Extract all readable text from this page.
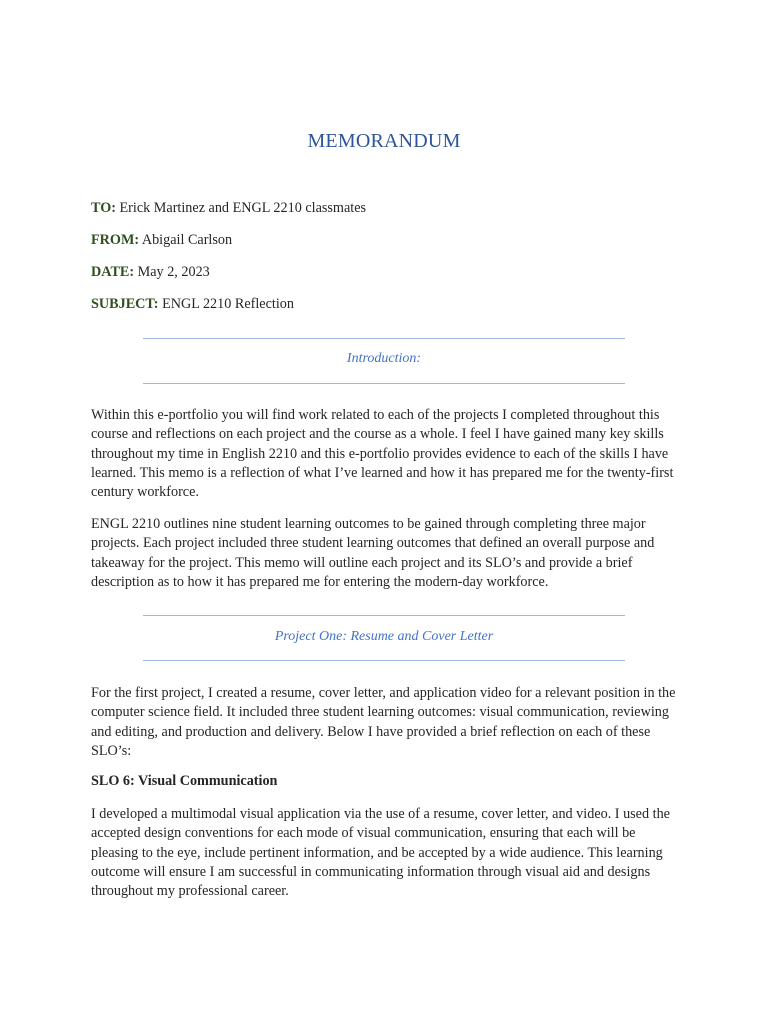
MEMORANDUM
TO: Erick Martinez and ENGL 2210 classmates
FROM: Abigail Carlson
DATE: May 2, 2023
SUBJECT: ENGL 2210 Reflection
Introduction:
Within this e-portfolio you will find work related to each of the projects I completed throughout this course and reflections on each project and the course as a whole. I feel I have gained many key skills throughout my time in English 2210 and this e-portfolio provides evidence to each of the skills I have learned. This memo is a reflection of what I’ve learned and how it has prepared me for the twenty-first century workforce.
ENGL 2210 outlines nine student learning outcomes to be gained through completing three major projects. Each project included three student learning outcomes that defined an overall purpose and takeaway for the project. This memo will outline each project and its SLO’s and provide a brief description as to how it has prepared me for entering the modern-day workforce.
Project One: Resume and Cover Letter
For the first project, I created a resume, cover letter, and application video for a relevant position in the computer science field. It included three student learning outcomes: visual communication, reviewing and editing, and production and delivery. Below I have provided a brief reflection on each of these SLO’s:
SLO 6: Visual Communication
I developed a multimodal visual application via the use of a resume, cover letter, and video. I used the accepted design conventions for each mode of visual communication, ensuring that each will be pleasing to the eye, include pertinent information, and be accepted by a wide audience. This learning outcome will ensure I am successful in communicating information through visual aid and designs throughout my professional career.
